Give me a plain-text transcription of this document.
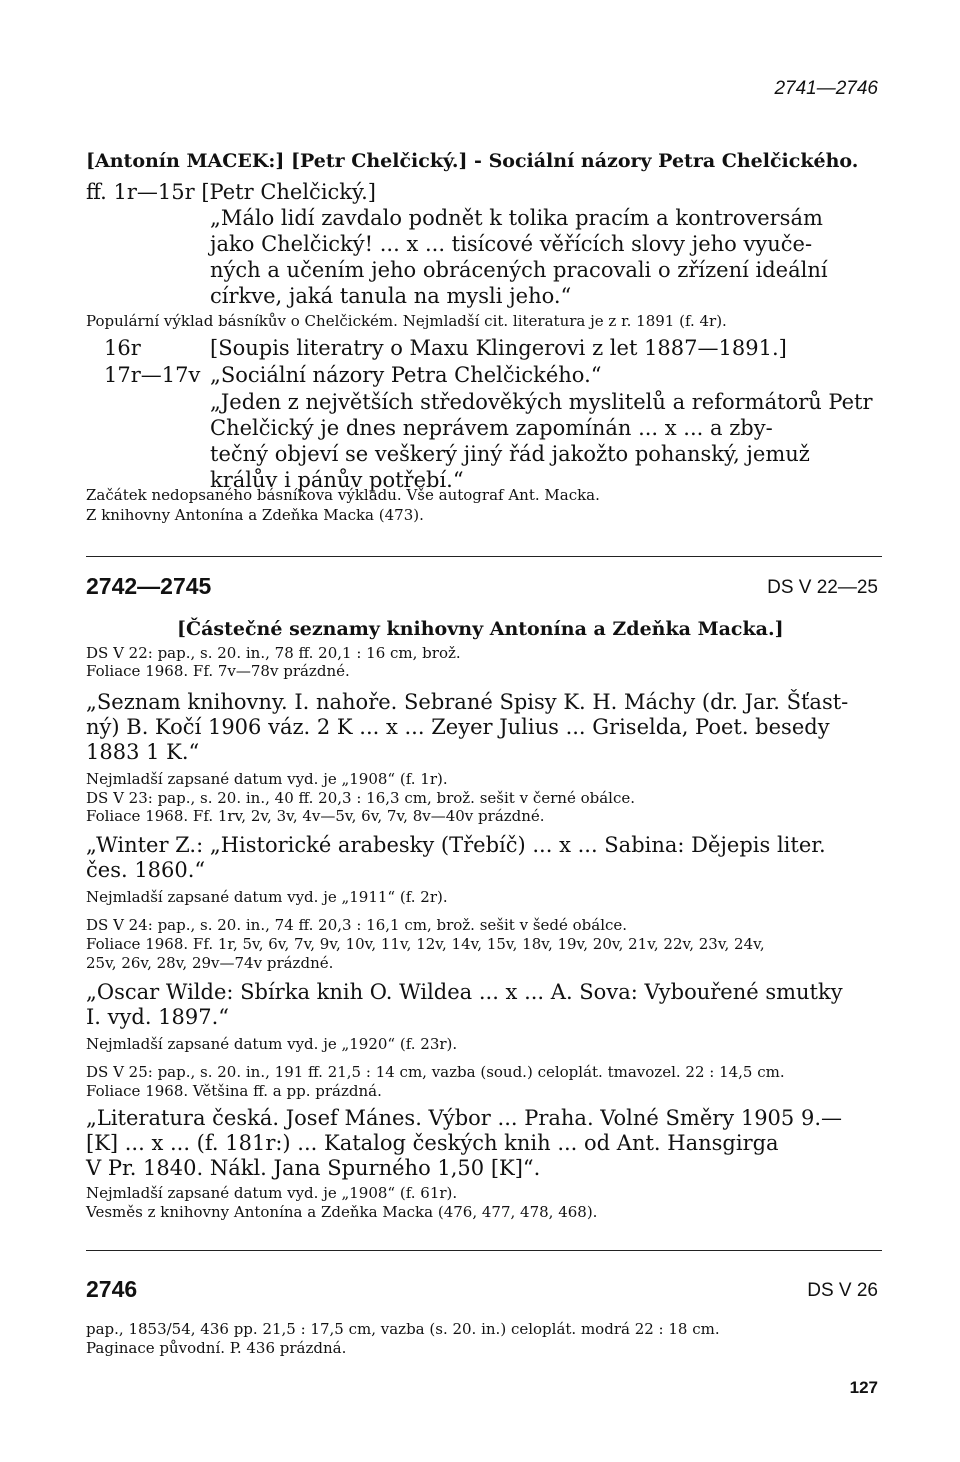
2741—2746
[Antonín MACEK:] [Petr Chelčický.] - Sociální názory Petra Chelčického.
ff. 1r—15r [Petr Chelčický.]
„Málo lidí zavdalo podnět k tolika pracím a kontroversám
jako Chelčický! ... x ... tisícové věřících slovy jeho vyuče-
ných a učením jeho obrácených pracovali o zřízení ideální
církve, jaká tanula na mysli jeho.“
Populární výklad básníkův o Chelčickém. Nejmladší cit. literatura je z r. 1891 (f. 4r).
16r	[Soupis literatry o Maxu Klingerovi z let 1887—1891.]
17r—17v „Sociální názory Petra Chelčického.“
„Jeden z největších středověkých myslitelů a reformátorů Petr
Chelčický je dnes neprávem zapomínán ... x ... a zby-
tečný objeví se veškerý jiný řád jakožto pohanský, jemuž
králův i pánův potřebí.“
Začátek nedopsaného básníkova výkladu. Vše autograf Ant. Macka.
Z knihovny Antonína a Zdeňka Macka (473).
2742—2745	DS V 22—25
[Částečné seznamy knihovny Antonína a Zdeňka Macka.]
DS V 22: pap., s. 20. in., 78 ff. 20,1 : 16 cm, brož.
Foliace 1968. Ff. 7v—78v prázdné.
„Seznam knihovny. I. nahoře. Sebrané Spisy K. H. Máchy (dr. Jar. Šťast-
ný) B. Kočí 1906 váz. 2 K ... x ... Zeyer Julius ... Griselda, Poet. besedy
1883 1 K.“
Nejmladší zapsané datum vyd. je „1908“ (f. 1r).
DS V 23: pap., s. 20. in., 40 ff. 20,3 : 16,3 cm, brož. sešit v černé obálce.
Foliace 1968. Ff. 1rv, 2v, 3v, 4v—5v, 6v, 7v, 8v—40v prázdné.
„Winter Z.: „Historické arabesky (Třebíč) ... x ... Sabina: Dějepis liter.
čes. 1860.“
Nejmladší zapsané datum vyd. je „1911“ (f. 2r).
DS V 24: pap., s. 20. in., 74 ff. 20,3 : 16,1 cm, brož. sešit v šedé obálce.
Foliace 1968. Ff. 1r, 5v, 6v, 7v, 9v, 10v, 11v, 12v, 14v, 15v, 18v, 19v, 20v, 21v, 22v, 23v, 24v,
25v, 26v, 28v, 29v—74v prázdné.
„Oscar Wilde: Sbírka knih O. Wildea ... x ... A. Sova: Vybouřené smutky
I. vyd. 1897.“
Nejmladší zapsané datum vyd. je „1920“ (f. 23r).
DS V 25: pap., s. 20. in., 191 ff. 21,5 : 14 cm, vazba (soud.) celoplát. tmavozel. 22 : 14,5 cm.
Foliace 1968. Většina ff. a pp. prázdná.
„Literatura česká. Josef Mánes. Výbor ... Praha. Volné Směry 1905 9.—
[K] ... x ... (f. 181r:) ... Katalog českých knih ... od Ant. Hansgirga
V Pr. 1840. Nákl. Jana Spurného 1,50 [K]“.
Nejmladší zapsané datum vyd. je „1908“ (f. 61r).
Vesměs z knihovny Antonína a Zdeňka Macka (476, 477, 478, 468).
2746	DS V 26
pap., 1853/54, 436 pp. 21,5 : 17,5 cm, vazba (s. 20. in.) celoplát. modrá 22 : 18 cm.
Paginace původní. P. 436 prázdná.
127
